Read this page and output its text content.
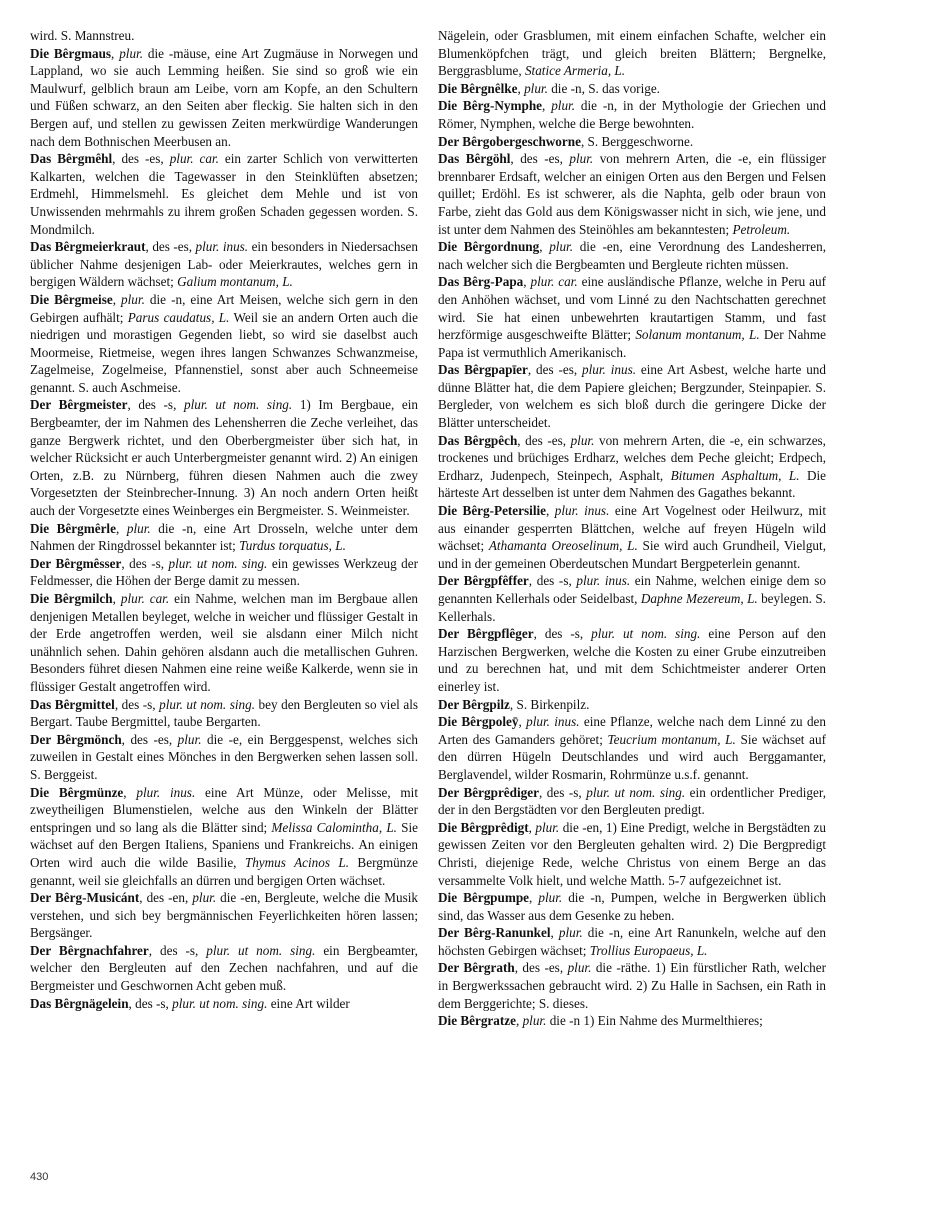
wird. S. Mannstreu.

Die Bêrgmaus, plur. die -mäuse, eine Art Zugmäuse in Norwegen und Lappland, wo sie auch Lemming heißen. Sie sind so groß wie ein Maulwurf, gelblich braun am Leibe, vorn am Kopfe, an den Schultern und Füßen schwarz, an den Seiten aber fleckig. Sie halten sich in den Bergen auf, und stellen zu gewissen Zeiten merkwürdige Wanderungen nach dem Bothnischen Meerbusen an.

Das Bêrgmêhl, des -es, plur. car. ein zarter Schlich von verwitterten Kalkarten, welchen die Tagewasser in den Steinklüften absetzen; Erdmehl, Himmelsmehl. Es gleichet dem Mehle und ist von Unwissenden mehrmahls zu ihrem großen Schaden gegessen worden. S. Mondmilch.

Das Bêrgmeierkraut, des -es, plur. inus. ein besonders in Niedersachsen üblicher Nahme desjenigen Lab- oder Meierkrautes, welches gern in bergigen Wäldern wächset; Galium montanum, L.

Die Bêrgmeise, plur. die -n, eine Art Meisen, welche sich gern in den Gebirgen aufhält; Parus caudatus, L. Weil sie an andern Orten auch die niedrigen und morastigen Gegenden liebt, so wird sie daselbst auch Moormeise, Rietmeise, wegen ihres langen Schwanzes Schwanzmeise, Zagelmeise, Zogelmeise, Pfannenstiel, sonst aber auch Schneemeise genannt. S. auch Aschmeise.

Der Bêrgmeister, des -s, plur. ut nom. sing. 1) Im Bergbaue, ein Bergbeamter, der im Nahmen des Lehensherren die Zeche verleihet, das ganze Bergwerk richtet, und den Oberbergmeister über sich hat, in welcher Rücksicht er auch Unterbergmeister genannt wird. 2) An einigen Orten, z.B. zu Nürnberg, führen diesen Nahmen auch die zwey Vorgesetzten der Steinbrecher-Innung. 3) An noch andern Orten heißt auch der Vorgesetzte eines Weinberges ein Bergmeister. S. Weinmeister.

Die Bêrgmêrle, plur. die -n, eine Art Drosseln, welche unter dem Nahmen der Ringdrossel bekannter ist; Turdus torquatus, L.

Der Bêrgmêsser, des -s, plur. ut nom. sing. ein gewisses Werkzeug der Feldmesser, die Höhen der Berge damit zu messen.

Die Bêrgmilch, plur. car. ein Nahme, welchen man im Bergbaue allen denjenigen Metallen beyleget, welche in weicher und flüssiger Gestalt in der Erde angetroffen werden, weil sie alsdann einer Milch nicht unähnlich sehen. Dahin gehören alsdann auch die metallischen Guhren. Besonders führet diesen Nahmen eine reine weiße Kalkerde, wenn sie in flüssiger Gestalt angetroffen wird.

Das Bêrgmittel, des -s, plur. ut nom. sing. bey den Bergleuten so viel als Bergart. Taube Bergmittel, taube Bergarten.

Der Bêrgmönch, des -es, plur. die -e, ein Berggespenst, welches sich zuweilen in Gestalt eines Mönches in den Bergwerken sehen lassen soll. S. Berggeist.

Die Bêrgmünze, plur. inus. eine Art Münze, oder Melisse, mit zweytheiligen Blumenstielen, welche aus den Winkeln der Blätter entspringen und so lang als die Blätter sind; Melissa Calomintha, L. Sie wächset auf den Bergen Italiens, Spaniens und Frankreichs. An einigen Orten wird auch die wilde Basilie, Thymus Acinos L. Bergmünze genannt, weil sie gleichfalls an dürren und bergigen Orten wächset.

Der Bêrg-Musicánt, des -en, plur. die -en, Bergleute, welche die Musik verstehen, und sich bey bergmännischen Feyerlichkeiten hören lassen; Bergsänger.

Der Bêrgnachfahrer, des -s, plur. ut nom. sing. ein Bergbeamter, welcher den Bergleuten auf den Zechen nachfahren, und auf die Bergmeister und Geschwornen Acht geben muß.

Das Bêrgnägelein, des -s, plur. ut nom. sing. eine Art wilder

Nägelein, oder Grasblumen, mit einem einfachen Schafte, welcher ein Blumenköpfchen trägt, und gleich breiten Blättern; Bergnelke, Berggrasblume, Statice Armeria, L.

Die Bêrgnêlke, plur. die -n, S. das vorige.

Die Bêrg-Nymphe, plur. die -n, in der Mythologie der Griechen und Römer, Nymphen, welche die Berge bewohnten.

Der Bêrgobergeschworne, S. Berggeschworne.

Das Bêrgöhl, des -es, plur. von mehrern Arten, die -e, ein flüssiger brennbarer Erdsaft, welcher an einigen Orten aus den Bergen und Felsen quillet; Erdöhl. Es ist schwerer, als die Naphta, gelb oder braun von Farbe, zieht das Gold aus dem Königswasser nicht in sich, wie jene, und ist unter dem Nahmen des Steinöhles am bekanntesten; Petroleum.

Die Bêrgordnung, plur. die -en, eine Verordnung des Landesherren, nach welcher sich die Bergbeamten und Bergleute richten müssen.

Das Bêrg-Papa, plur. car. eine ausländische Pflanze, welche in Peru auf den Anhöhen wächset, und vom Linné zu den Nachtschatten gerechnet wird. Sie hat einen unbewehrten krautartigen Stamm, und fast herzförmige ausgeschweifte Blätter; Solanum montanum, L. Der Nahme Papa ist vermuthlich Amerikanisch.

Das Bêrgpapīer, des -es, plur. inus. eine Art Asbest, welche harte und dünne Blätter hat, die dem Papiere gleichen; Bergzunder, Steinpapier. S. Bergleder, von welchem es sich bloß durch die geringere Dicke der Blätter unterscheidet.

Das Bêrgpêch, des -es, plur. von mehrern Arten, die -e, ein schwarzes, trockenes und brüchiges Erdharz, welches dem Peche gleicht; Erdpech, Erdharz, Judenpech, Steinpech, Asphalt, Bitumen Asphaltum, L. Die härteste Art desselben ist unter dem Nahmen des Gagathes bekannt.

Die Bêrg-Petersilie, plur. inus. eine Art Vogelnest oder Heilwurz, mit aus einander gesperrten Blättchen, welche auf freyen Hügeln wild wächset; Athamanta Oreoselinum, L. Sie wird auch Grundheil, Vielgut, und in der gemeinen Oberdeutschen Mundart Bergpeterlein genannt.

Der Bêrgpfêffer, des -s, plur. inus. ein Nahme, welchen einige dem so genannten Kellerhals oder Seidelbast, Daphne Mezereum, L. beylegen. S. Kellerhals.

Der Bêrgpflêger, des -s, plur. ut nom. sing. eine Person auf den Harzischen Bergwerken, welche die Kosten zu einer Grube einzutreiben und zu berechnen hat, und mit dem Schichtmeister anderer Orten einerley ist.

Der Bêrgpilz, S. Birkenpilz.

Die Bêrgpoleȳ, plur. inus. eine Pflanze, welche nach dem Linné zu den Arten des Gamanders gehöret; Teucrium montanum, L. Sie wächset auf den dürren Hügeln Deutschlandes und wird auch Berggamanter, Berglavendel, wilder Rosmarin, Rohrmünze u.s.f. genannt.

Der Bêrgprêdiger, des -s, plur. ut nom. sing. ein ordentlicher Prediger, der in den Bergstädten vor den Bergleuten predigt.

Die Bêrgprêdigt, plur. die -en, 1) Eine Predigt, welche in Bergstädten zu gewissen Zeiten vor den Bergleuten gehalten wird. 2) Die Bergpredigt Christi, diejenige Rede, welche Christus von einem Berge an das versammelte Volk hielt, und welche Matth. 5-7 aufgezeichnet ist.

Die Bêrgpumpe, plur. die -n, Pumpen, welche in Bergwerken üblich sind, das Wasser aus dem Gesenke zu heben.

Der Bêrg-Ranunkel, plur. die -n, eine Art Ranunkeln, welche auf den höchsten Gebirgen wächset; Trollius Europaeus, L.

Der Bêrgrath, des -es, plur. die -räthe. 1) Ein fürstlicher Rath, welcher in Bergwerkssachen gebraucht wird. 2) Zu Halle in Sachsen, ein Rath in dem Berggerichte; S. dieses.

Die Bêrgratze, plur. die -n 1) Ein Nahme des Murmelthieres;

430
